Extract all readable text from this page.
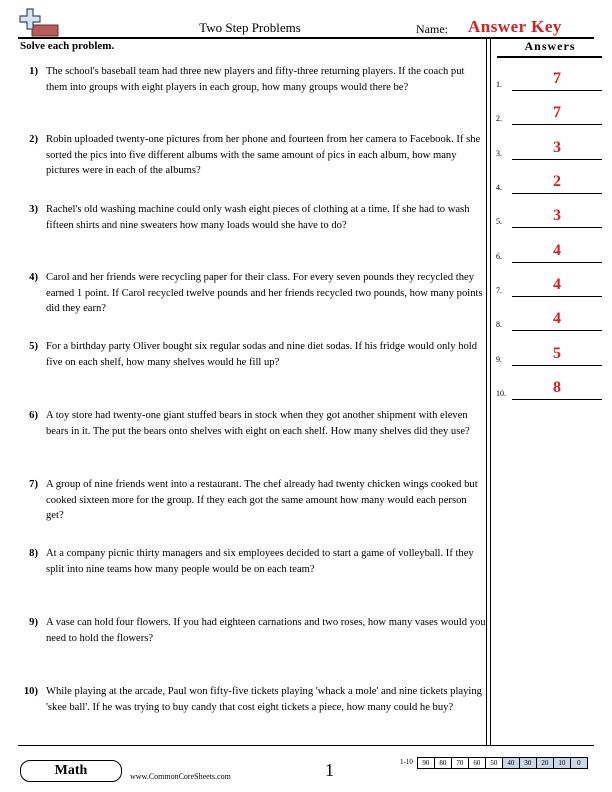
Two Step Problems	Name: Answer Key
Solve each problem.
1) The school's baseball team had three new players and fifty-three returning players. If the coach put them into groups with eight players in each group, how many groups would there be?
2) Robin uploaded twenty-one pictures from her phone and fourteen from her camera to Facebook. If she sorted the pics into five different albums with the same amount of pics in each album, how many pictures were in each of the albums?
3) Rachel's old washing machine could only wash eight pieces of clothing at a time. If she had to wash fifteen shirts and nine sweaters how many loads would she have to do?
4) Carol and her friends were recycling paper for their class. For every seven pounds they recycled they earned 1 point. If Carol recycled twelve pounds and her friends recycled two pounds, how many points did they earn?
5) For a birthday party Oliver bought six regular sodas and nine diet sodas. If his fridge would only hold five on each shelf, how many shelves would he fill up?
6) A toy store had twenty-one giant stuffed bears in stock when they got another shipment with eleven bears in it. The put the bears onto shelves with eight on each shelf. How many shelves did they use?
7) A group of nine friends went into a restaurant. The chef already had twenty chicken wings cooked but cooked sixteen more for the group. If they each got the same amount how many would each person get?
8) At a company picnic thirty managers and six employees decided to start a game of volleyball. If they split into nine teams how many people would be on each team?
9) A vase can hold four flowers. If you had eighteen carnations and two roses, how many vases would you need to hold the flowers?
10) While playing at the arcade, Paul won fifty-five tickets playing 'whack a mole' and nine tickets playing 'skee ball'. If he was trying to buy candy that cost eight tickets a piece, how many could he buy?
Answers
1.	7
2.	7
3.	3
4.	2
5.	3
6.	4
7.	4
8.	4
9.	5
10.	8
Math	www.CommonCoreSheets.com	1	1-10	90	80	70	60	50	40	30	20	10	0
